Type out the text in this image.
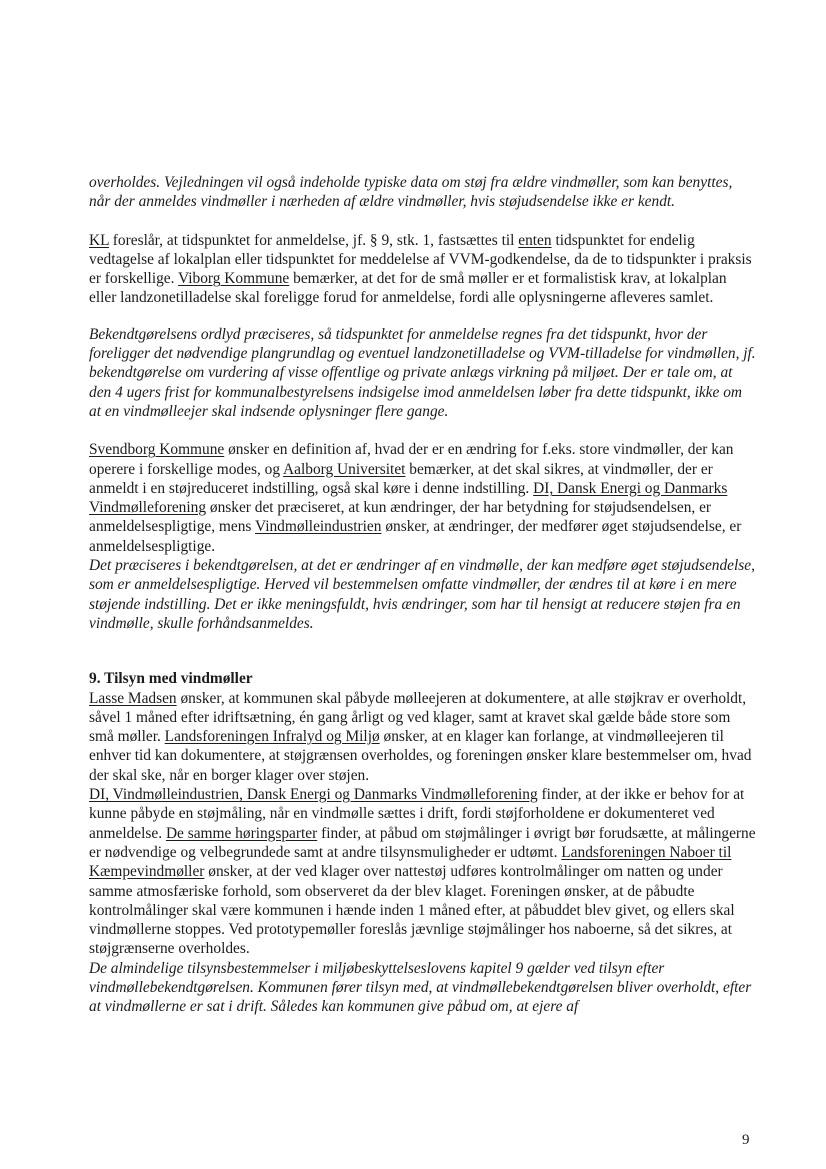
overholdes. Vejledningen vil også indeholde typiske data om støj fra ældre vindmøller, som kan benyttes, når der anmeldes vindmøller i nærheden af ældre vindmøller, hvis støjudsendelse ikke er kendt.

KL foreslår, at tidspunktet for anmeldelse, jf. § 9, stk. 1, fastsættes til enten tidspunktet for endelig vedtagelse af lokalplan eller tidspunktet for meddelelse af VVM-godkendelse, da de to tidspunkter i praksis er forskellige. Viborg Kommune bemærker, at det for de små møller er et formalistisk krav, at lokalplan eller landzonetilladelse skal foreligge forud for anmeldelse, fordi alle oplysningerne afleveres samlet.

Bekendtgørelsens ordlyd præciseres, så tidspunktet for anmeldelse regnes fra det tidspunkt, hvor der foreligger det nødvendige plangrundlag og eventuel landzonetilladelse og VVM-tilladelse for vindmøllen, jf. bekendtgørelse om vurdering af visse offentlige og private anlægs virkning på miljøet. Der er tale om, at den 4 ugers frist for kommunalbestyrelsens indsigelse imod anmeldelsen løber fra dette tidspunkt, ikke om at en vindmølleejer skal indsende oplysninger flere gange.

Svendborg Kommune ønsker en definition af, hvad der er en ændring for f.eks. store vindmøller, der kan operere i forskellige modes, og Aalborg Universitet bemærker, at det skal sikres, at vindmøller, der er anmeldt i en støjreduceret indstilling, også skal køre i denne indstilling. DI, Dansk Energi og Danmarks Vindmølleforening ønsker det præciseret, at kun ændringer, der har betydning for støjudsendelsen, er anmeldelsespligtige, mens Vindmølleindustrien ønsker, at ændringer, der medfører øget støjudsendelse, er anmeldelsespligtige.

Det præciseres i bekendtgørelsen, at det er ændringer af en vindmølle, der kan medføre øget støjudsendelse, som er anmeldelsespligtige. Herved vil bestemmelsen omfatte vindmøller, der ændres til at køre i en mere støjende indstilling. Det er ikke meningsfuldt, hvis ændringer, som har til hensigt at reducere støjen fra en vindmølle, skulle forhåndsanmeldes.

9. Tilsyn med vindmøller

Lasse Madsen ønsker, at kommunen skal påbyde mølleejeren at dokumentere, at alle støjkrav er overholdt, såvel 1 måned efter idriftsætning, én gang årligt og ved klager, samt at kravet skal gælde både store som små møller. Landsforeningen Infralyd og Miljø ønsker, at en klager kan forlange, at vindmølleejeren til enhver tid kan dokumentere, at støjgrænsen overholdes, og foreningen ønsker klare bestemmelser om, hvad der skal ske, når en borger klager over støjen.

DI, Vindmølleindustrien, Dansk Energi og Danmarks Vindmølleforening finder, at der ikke er behov for at kunne påbyde en støjmåling, når en vindmølle sættes i drift, fordi støjforholdene er dokumenteret ved anmeldelse. De samme høringsparter finder, at påbud om støjmålinger i øvrigt bør forudsætte, at målingerne er nødvendige og velbegrundede samt at andre tilsynsmuligheder er udtømt. Landsforeningen Naboer til Kæmpevindmøller ønsker, at der ved klager over nattestøj udføres kontrolmålinger om natten og under samme atmosfæriske forhold, som observeret da der blev klaget. Foreningen ønsker, at de påbudte kontrolmålinger skal være kommunen i hænde inden 1 måned efter, at påbuddet blev givet, og ellers skal vindmøllerne stoppes. Ved prototypemøller foreslås jævnlige støjmålinger hos naboerne, så det sikres, at støjgrænserne overholdes.

De almindelige tilsynsbestemmelser i miljøbeskyttelseslovens kapitel 9 gælder ved tilsyn efter vindmøllebekendtgørelsen. Kommunen fører tilsyn med, at vindmøllebekendtgørelsen bliver overholdt, efter at vindmøllerne er sat i drift. Således kan kommunen give påbud om, at ejere af

9
